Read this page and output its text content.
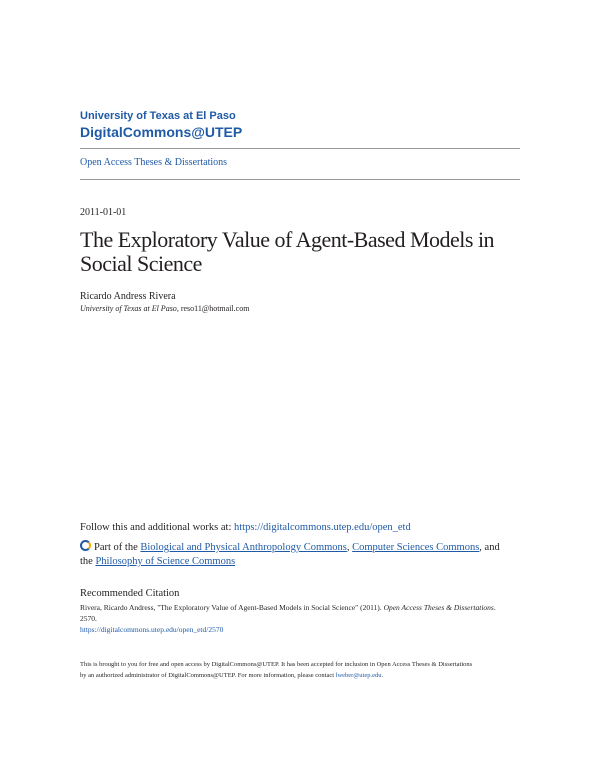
University of Texas at El Paso
DigitalCommons@UTEP
Open Access Theses & Dissertations
2011-01-01
The Exploratory Value of Agent-Based Models in
Social Science
Ricardo Andress Rivera
University of Texas at El Paso, reso11@hotmail.com
Follow this and additional works at: https://digitalcommons.utep.edu/open_etd
Part of the Biological and Physical Anthropology Commons, Computer Sciences Commons, and
the Philosophy of Science Commons
Recommended Citation
Rivera, Ricardo Andress, "The Exploratory Value of Agent-Based Models in Social Science" (2011). Open Access Theses & Dissertations.
2570.
https://digitalcommons.utep.edu/open_etd/2570
This is brought to you for free and open access by DigitalCommons@UTEP. It has been accepted for inclusion in Open Access Theses & Dissertations
by an authorized administrator of DigitalCommons@UTEP. For more information, please contact lweber@utep.edu.
